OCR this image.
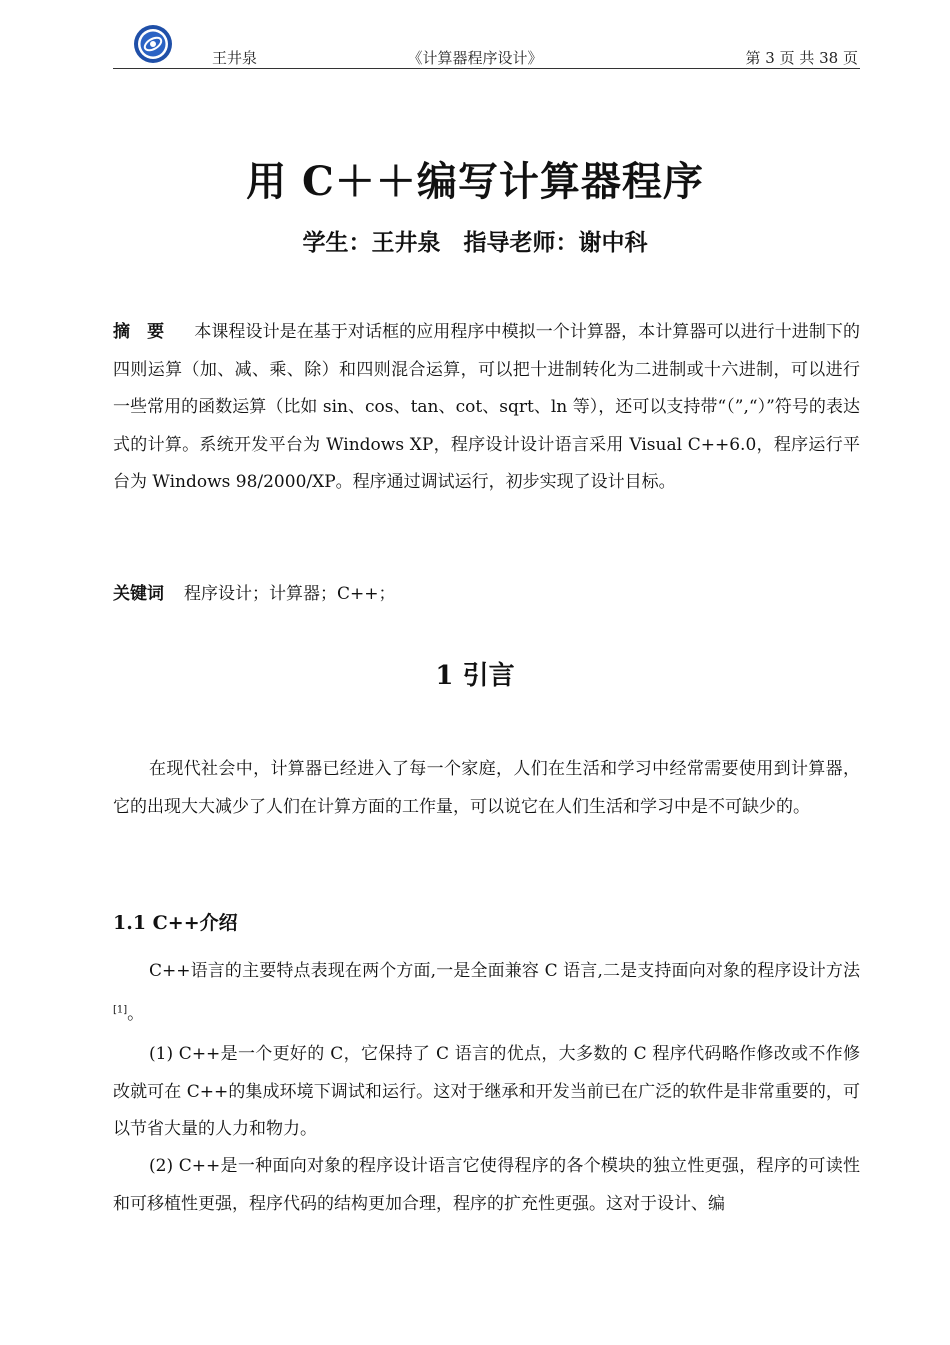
王井泉	《计算器程序设计》	第 3 页 共 38 页
用 C＋＋编写计算器程序
学生：王井泉　指导老师：谢中科

摘　要 本课程设计是在基于对话框的应用程序中模拟一个计算器，本计算器可以进行十进制下的四则运算（加、减、乘、除）和四则混合运算，可以把十进制转化为二进制或十六进制，可以进行一些常用的函数运算（比如 sin、cos、tan、cot、sqrt、ln 等），还可以支持带“（”,“）”符号的表达式的计算。系统开发平台为 Windows XP，程序设计设计语言采用 Visual C++6.0，程序运行平台为 Windows 98/2000/XP。程序通过调试运行，初步实现了设计目标。

关键词 程序设计；计算器；C++；

1 引言

在现代社会中，计算器已经进入了每一个家庭，人们在生活和学习中经常需要使用到计算器，它的出现大大减少了人们在计算方面的工作量，可以说它在人们生活和学习中是不可缺少的。

1.1 C++介绍

C++语言的主要特点表现在两个方面,一是全面兼容 C 语言,二是支持面向对象的程序设计方法[1]。

(1) C++是一个更好的 C，它保持了 C 语言的优点，大多数的 C 程序代码略作修改或不作修改就可在 C++的集成环境下调试和运行。这对于继承和开发当前已在广泛的软件是非常重要的，可以节省大量的人力和物力。

(2) C++是一种面向对象的程序设计语言它使得程序的各个模块的独立性更强，程序的可读性和可移植性更强，程序代码的结构更加合理，程序的扩充性更强。这对于设计、编
